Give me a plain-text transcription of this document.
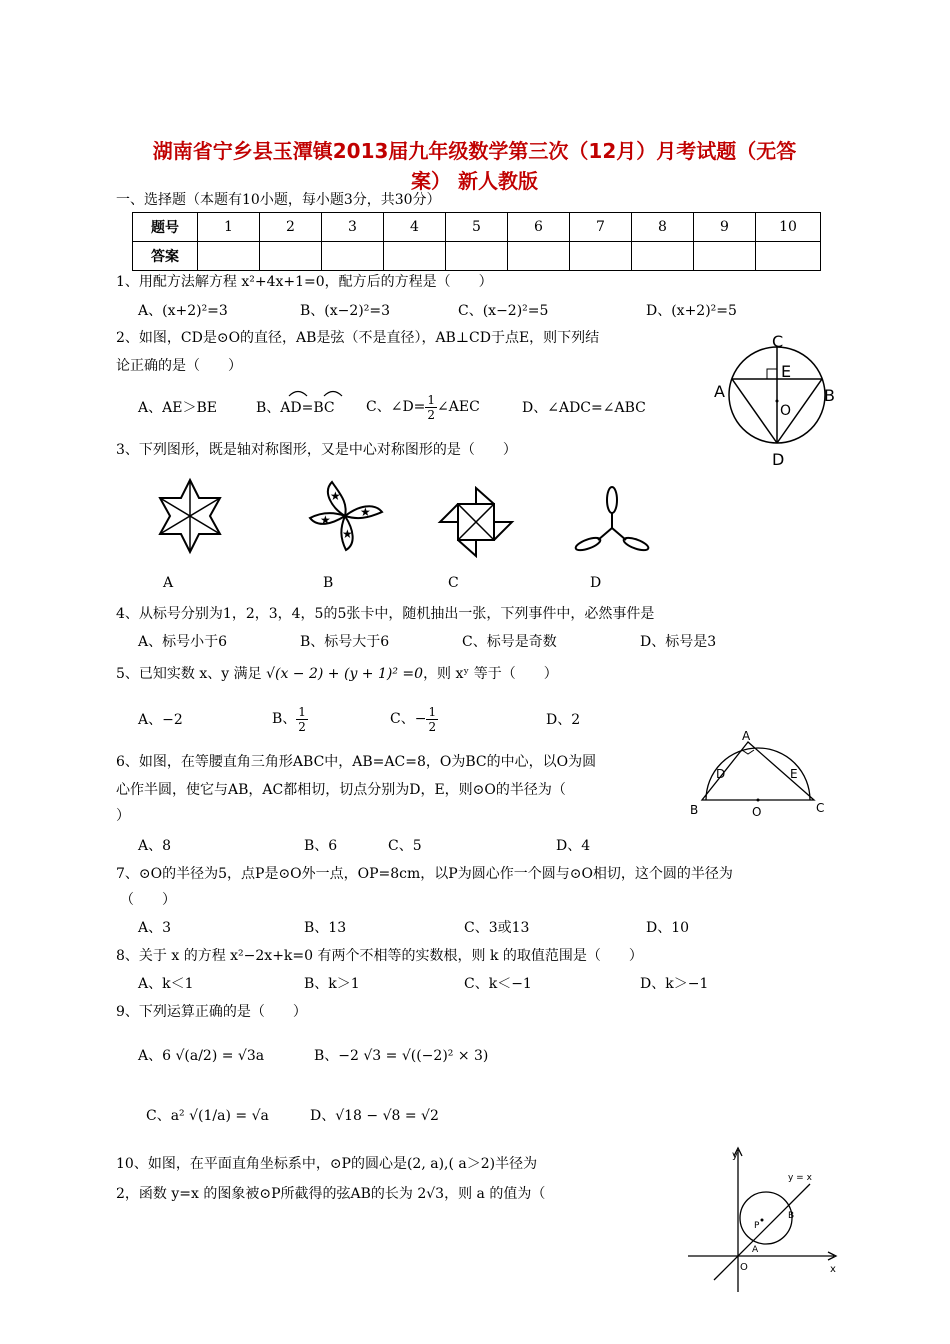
湖南省宁乡县玉潭镇2013届九年级数学第三次（12月）月考试题（无答
案） 新人教版
一、选择题（本题有10小题，每小题3分，共30分）
题号	1	2	3	4	5	6	7	8	9	10
答案										
1、用配方法解方程 x²+4x+1=0，配方后的方程是（　　）
A、(x+2)²=3	B、(x−2)²=3	C、(x−2)²=5	D、(x+2)²=5
2、如图，CD是⊙O的直径，AB是弦（不是直径），AB⊥CD于点E，则下列结
论正确的是（　　）
A、AE＞BE	B、AD=BC C、∠D= $\frac{1}{2}$ ∠AEC	D、∠ADC=∠ABC
C
E
A	B
O
D
3、下列图形，既是轴对称图形，又是中心对称图形的是（　　）
★
★
★
★
A	B	C	D
4、从标号分别为1，2，3，4，5的5张卡中，随机抽出一张，下列事件中，必然事件是
A、标号小于6	B、标号大于6	C、标号是奇数	D、标号是3
5、已知实数 x、y 满足 √(x − 2) + (y + 1)² =0，则 xʸ 等于（　　）
A、−2	B、 $\frac{1}{2}$	C、− $\frac{1}{2}$	D、2
6、如图，在等腰直角三角形ABC中，AB=AC=8，O为BC的中心，以O为圆
心作半圆，使它与AB，AC都相切，切点分别为D，E，则⊙O的半径为（
）
A、8	B、6	C、5	D、4
A
D	E
B	O	C
7、⊙O的半径为5，点P是⊙O外一点，OP=8cm，以P为圆心作一个圆与⊙O相切，这个圆的半径为
（　　）
A、3	B、13	C、3或13	D、10
8、关于 x 的方程 x²−2x+k=0 有两个不相等的实数根，则 k 的取值范围是（　　）
A、k＜1	B、k＞1	C、k＜−1	D、k＞−1
9、下列运算正确的是（　　）
A、6 √(a/2) = √3a	B、−2 √3 = √((−2)² × 3)
C、a² √(1/a) = √a	D、√18 − √8 = √2
10、如图，在平面直角坐标系中，⊙P的圆心是(2, a),( a＞2)半径为
2，函数 y=x 的图象被⊙P所截得的弦AB的长为 2√3，则 a 的值为（
y
x
y = x
P
A
B
O
